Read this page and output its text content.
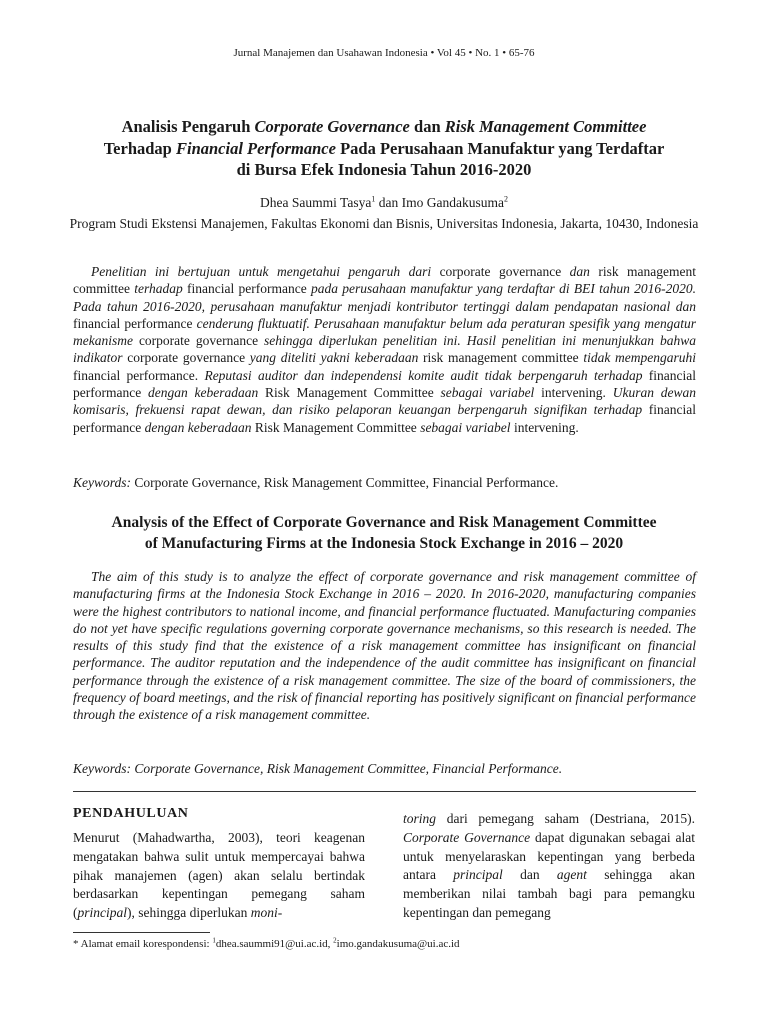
Jurnal Manajemen dan Usahawan Indonesia • Vol 45 • No. 1 • 65-76
Analisis Pengaruh Corporate Governance dan Risk Management Committee
Terhadap Financial Performance Pada Perusahaan Manufaktur yang Terdaftar
di Bursa Efek Indonesia Tahun 2016-2020
Dhea Saummi Tasya$^1$ dan Imo Gandakusuma$^2$
Program Studi Ekstensi Manajemen, Fakultas Ekonomi dan Bisnis, Universitas Indonesia, Jakarta, 10430, Indonesia

Penelitian ini bertujuan untuk mengetahui pengaruh dari corporate governance dan risk management committee terhadap financial performance pada perusahaan manufaktur yang terdaftar di BEI tahun 2016-2020. Pada tahun 2016-2020, perusahaan manufaktur menjadi kontributor tertinggi dalam pendapatan nasional dan financial performance cenderung fluktuatif. Perusahaan manufaktur belum ada peraturan spesifik yang mengatur mekanisme corporate governance sehingga diperlukan penelitian ini. Hasil penelitian ini menunjukkan bahwa indikator corporate governance yang diteliti yakni keberadaan risk management committee tidak mempengaruhi financial performance. Reputasi auditor dan independensi komite audit tidak berpengaruh terhadap financial performance dengan keberadaan Risk Management Committee sebagai variabel intervening. Ukuran dewan komisaris, frekuensi rapat dewan, dan risiko pelaporan keuangan berpengaruh signifikan terhadap financial performance dengan keberadaan Risk Management Committee sebagai variabel intervening.

Keywords: Corporate Governance, Risk Management Committee, Financial Performance.

Analysis of the Effect of Corporate Governance and Risk Management Committee
of Manufacturing Firms at the Indonesia Stock Exchange in 2016 – 2020

The aim of this study is to analyze the effect of corporate governance and risk management committee of manufacturing firms at the Indonesia Stock Exchange in 2016 – 2020. In 2016-2020, manufacturing companies were the highest contributors to national income, and financial performance fluctuated. Manufacturing companies do not yet have specific regulations governing corporate governance mechanisms, so this research is needed. The results of this study find that the existence of a risk management committee has insignificant on financial performance. The auditor reputation and the independence of the audit committee has insignificant on financial performance through the existence of a risk management committee. The size of the board of commissioners, the frequency of board meetings, and the risk of financial reporting has positively significant on financial performance through the existence of a risk management committee.

Keywords: Corporate Governance, Risk Management Committee, Financial Performance.

PENDAHULUAN

Menurut (Mahadwartha, 2003), teori keagenan mengatakan bahwa sulit untuk mempercayai bahwa pihak manajemen (agen) akan selalu bertindak berdasarkan kepentingan pemegang saham (principal), sehingga diperlukan moni-

toring dari pemegang saham (Destriana, 2015). Corporate Governance dapat digunakan sebagai alat untuk menyelaraskan kepentingan yang berbeda antara principal dan agent sehingga akan memberikan nilai tambah bagi para pemangku kepentingan dan pemegang

* Alamat email korespondensi: $^1$dhea.saummi91@ui.ac.id, $^2$imo.gandakusuma@ui.ac.id
